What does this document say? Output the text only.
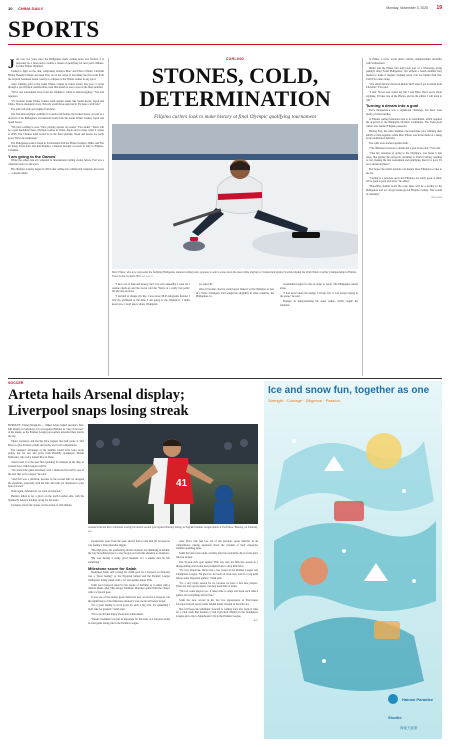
10 CHINA DAILY	Monday, November 3, 2025 19
SPORTS
CURLING
STONES, COLD,
DETERMINATION
Filipino curlers look to make history at final Olympic qualifying tournament

Just over two years since the Philippines made curling news was formed, it is preparing for a final push to realize a dream of qualifying for next year's Milano-Cortina Winter Olympics.

Tasked to fight on the rink, comprising brothers Marc and Enrico Pfister, Christian Haller, Benedict Pfister and Alan Frei, sit on the verge of becoming the first team from the tropical Southeast Asian country to compete at the Winter Games in any sport.

After winning gold at the Asian Winter Games in China earlier this year, it swept through a pre-Olympic qualification event this month to earn a spot in the final qualifier.

"We're one tournament away from the Olympics, which is mind-boggling," Frei told reporters.

"It's because Asian Winter Games team against teams like South Korea, Japan and China. This is absolutely crazy. Nobody would have expected it. It's been a wild ride."

The path will only get tougher from here.

The five-man Olympic qualifier in Canada will feature the United States, as well as a reversal of the Philippines' encountered team from the Asian Winter Games, Japan and South Korea.

"We have nothing to lose. We're playing against top teams," Frei added. "There will be a gold medallion there, Olympic Games in China, Japan and so many when it comes to 2026. The Chinese team would be in the final qualifier, Japan and Korea are really good. We're the underdogs."

The Philippines team is based in Switzerland with the Pfister brothers, Haller and Frei all being Swiss-born and half-Filipino, Cameron brought as based in July in Filipino-Canadian.

'I am going to the Games'

While the others had all competed in international curling events before, Frei was a complete novice to the sport.

His Olympic journey began in 2023 after selling his commercial company Airscreen — a dream online.

Marc Pfister, who now represents the fledgling Philippines national curling team, prepares to send a stone down the sheet while playing for Switzerland against Scotland during the World Men's Curling Championship in Halifax, Nova Scotia, in April 2015. AP PHOTO

"I had a lot of time and money, but I was very unhealthy. I went for a routine check-up and the doctor told me 'You're at a really bad point', the 48-year-old said.

"I decided to change my life. I was about 38.45 kilograms heavier. I told my girlfriend at the time 'I am going to the Olympics!' I didn't know how, I don't know when, Olympians

are super-fit."

Once it became clear he would never make it to the Olympics as part of a Swiss contingent, Frei sought his eligibility in other countries, the Philippines, in

recommitted rights for this in order to reach. The Philippines stands alone.

"I had never taken the sledge, I always felt, it was always laying to the stone," he said.

Perhaps an unrepresenting his stone online, which caught the attention

of Haller, a twice world junior curling championships medallist with Switzerland.

Haller and the Pfister had long been part of a WhatsApp group jokingly titled 'Team Philippines', but without a fourth member they needed to make it happen. Nothing never ever are further than that. Until Frei came along.

"Our small miracle started in March 2023 when I got an email from Christian," Frei said.

"I said: 'Never ever curled my life' I told Hans. Don't worry about anything. I'll take care of the Pfisters and do the admin. I will learn to curl."

Turning a dream into a goal

Frei's inexperience was a significant challenge, but there were plenty of other hurdles.

A Filipino curling federation had to be established, which required the approval of the Philippine Olympic Committee. The Swiss-born curlers also needed Filipino passports.

Having Frei, the other members had half-time jobs, limiting their ability to train together, while Marc Pfister was in the midst of a being an he understated dentistry.

The odds were stacked against them.

"The difference between a dream and a goal is the plan," Frei said.

"This big sensation of going to the Olympics, you break it into steps, like getting the passports, speaking to World Curling, learning to curl, making the first tournament and qualifying, then it's a goal. It's not a dream anymore."

Frei hopes the team's exploits can inspire more Filipinos to take to the ice.

"Curling is a priceless sport and Filipinos are really good at them. We're good at pool and darts," he added.

"Hopefully, further down the road, there will be a facility in the Philippines and we can get home-grown Filipino curling. That would be amazing."

REUTERS
SOCCER
Arteta hails Arsenal display;
Liverpool snaps losing streak

BURNLEY, United Kingdom — Mikel Arteta hailed Arsenal's first-half display in Saturday's 2-0 win against Burnley as "one of the best" of his tenure, as the Premier League pace-setters extended their lead at the top.

Viktor Gyokeres and Declan Rice bagged first-half goals at Turf Moor to give Arsenal a ninth successive win in all competitions.

The Gunners' advantage at the summit would have been seven points, but for two late goals from Bendtby goalkeeper Martin Dubravka, who twice denied Rice in Doha.

Arteta rated it as the best first-spending 45 minutes in his time as Arsenal boss, which began in 2019.

"We started the game extremely well. I think the first half is one of the best that we've played," he said.

"And that was a platform, because in the second half we dropped the standards, especially with the ball, and with our intentions to play more forward."

Sixth again, defensively, we were exceptional."

Burnley failed to lay a glove on the north London side, with the Spaniard's defence holding strong for the hosts.

Gyokeres struck the opener on the stroke of 14th minute.

41
Arsenal's Declan Rice celebrates scoring his team's second goal against Burnley during an English Premier League match at Turf Moor, Burnley, on Saturday. AFP

exceptional, apart from the goal, and he had to take him off because he was feeling a little muscular niggle.

"His high press, his positioning and his reaction; his thumbing in behind; the way he behind plays is a way he gets us from this situation to situations.

"He was having a really good moment. It's a shame that he felt something."

Milestone score for Salah

Mohamed Salah said scoring his 250th goal for Liverpool on Saturday was a "great feeling" as the Egyptian helped end the Premier League champions' losing streak with a 2-0 win against Aston Villa.

Salah put Liverpool ahead in the stroke of halftime as it sailed with a clinical finish, after Villa keeper Emiliano Martinez spilled him the chance with a wayward pass.

It was one of the easiest goals Salah has ever scored for Liverpool, but the significance of the milestone ensured it was one he will never forget.

"It's a great feeling to score goals for such a big club. It's something I don't take for granted," Salah said.

"I'm so proud and happy about that achievement.

"Result: landmark was just as important for his team, as Liverpool ended its four-game losing run in the Premier League.

Arne Slot's side had lost six of the previous seven matches in all competitions, raising questions about the wisdom of their expensive summer spending spree.

Salah had also been under scrutiny after his noticeable dip in form since late last season.

The 33-year-old's goal against Villa was only his fifth this season in a disappointing stretch that had prompted fans to drop him twice.

"It's very important. We've had a few losses in the Premier League and Champions League. I'm glad we are back on track now and it's a big push before some important games," Salah said.

"It's a very tricky season for us, because we have a few new players. There are very good players, but they need time to adapt.

"We lost some players too. It takes time to adapt and learn each other's games, but everything will be fine."

Salah has now scored in his last two appearances as Slot'sLanes Liverpool stayed seven points behind leader Arsenal in the title race.

Slot will hope his talismanic forward is coming back into form in time for a vital week that features a visit from Real Madrid in the Champions League and a trip to Manchester City in the Premier League.

AFP
Ice and snow fun, together as one
Strength · Courage · Diligence · Passion
Hainan Paradise Shuttle
海南天涯游
